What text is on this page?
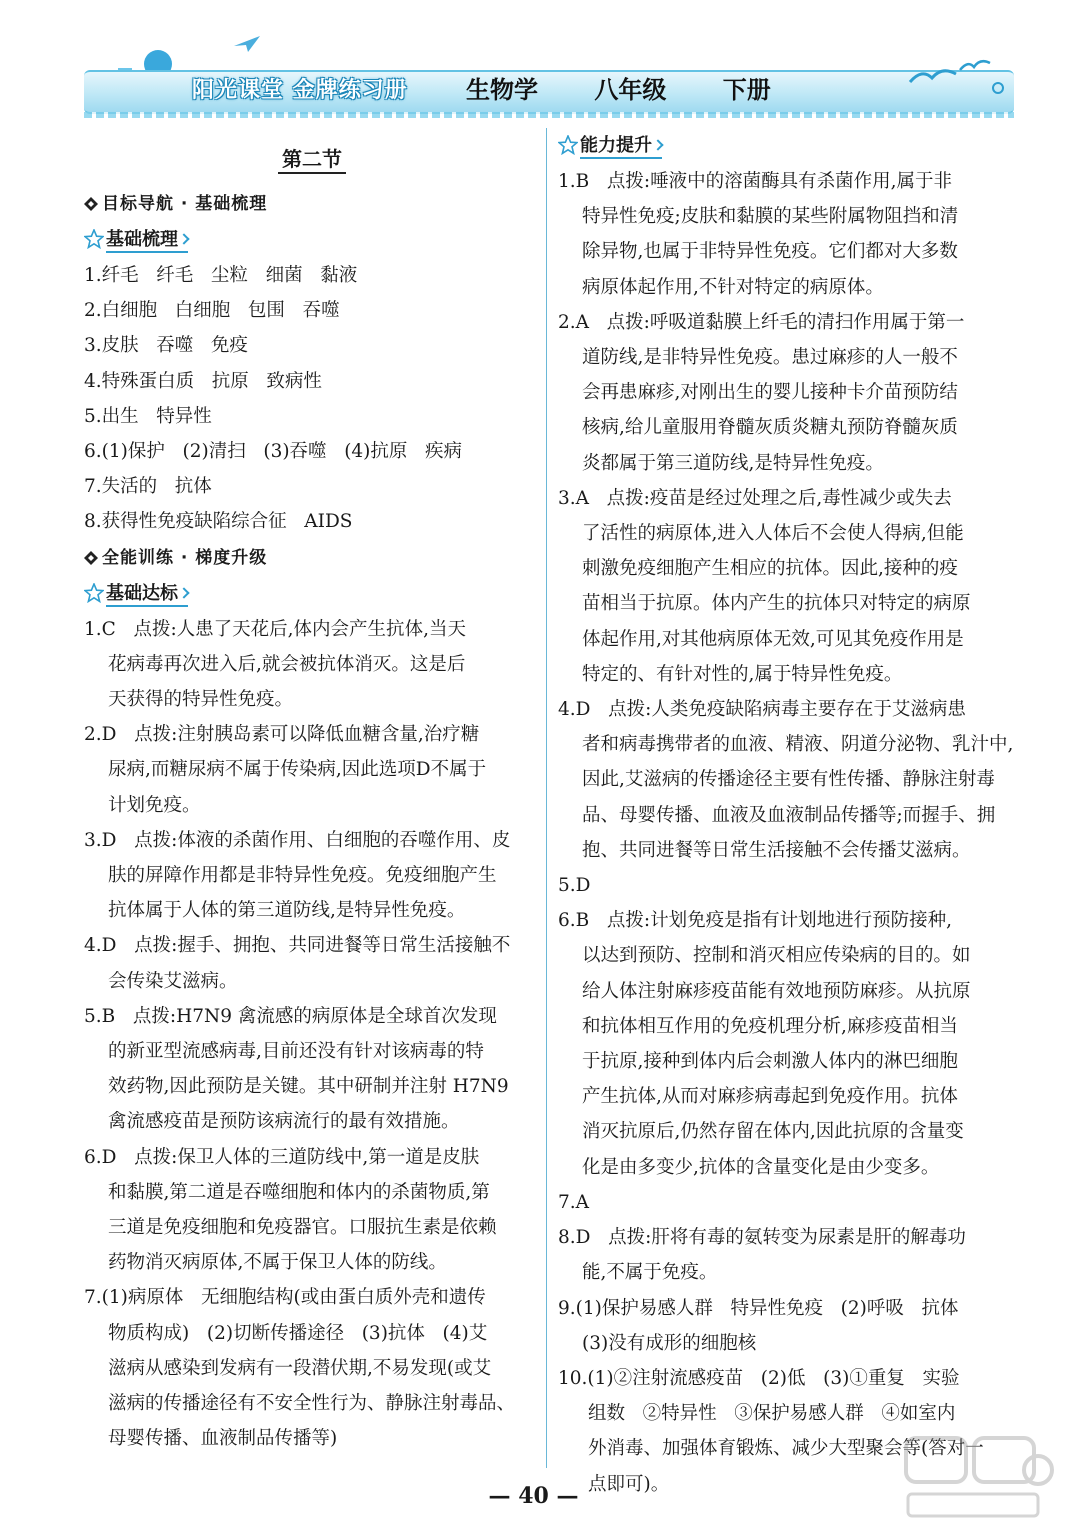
阳光课堂 金牌练习册 生物学 八年级 下册
第二节
目标导航 · 基础梳理
基础梳理
1.纤毛   纤毛   尘粒   细菌   黏液
2.白细胞   白细胞   包围   吞噬
3.皮肤   吞噬   免疫
4.特殊蛋白质   抗原   致病性
5.出生   特异性
6.(1)保护   (2)清扫   (3)吞噬   (4)抗原   疾病
7.失活的   抗体
8.获得性免疫缺陷综合征   AIDS
全能训练 · 梯度升级
基础达标
1.C   点拨:人患了天花后,体内会产生抗体,当天
花病毒再次进入后,就会被抗体消灭。这是后
天获得的特异性免疫。
2.D   点拨:注射胰岛素可以降低血糖含量,治疗糖
尿病,而糖尿病不属于传染病,因此选项D不属于
计划免疫。
3.D   点拨:体液的杀菌作用、白细胞的吞噬作用、皮
肤的屏障作用都是非特异性免疫。免疫细胞产生
抗体属于人体的第三道防线,是特异性免疫。
4.D   点拨:握手、拥抱、共同进餐等日常生活接触不
会传染艾滋病。
5.B   点拨:H7N9 禽流感的病原体是全球首次发现
的新亚型流感病毒,目前还没有针对该病毒的特
效药物,因此预防是关键。其中研制并注射 H7N9
禽流感疫苗是预防该病流行的最有效措施。
6.D   点拨:保卫人体的三道防线中,第一道是皮肤
和黏膜,第二道是吞噬细胞和体内的杀菌物质,第
三道是免疫细胞和免疫器官。口服抗生素是依赖
药物消灭病原体,不属于保卫人体的防线。
7.(1)病原体   无细胞结构(或由蛋白质外壳和遗传
物质构成)   (2)切断传播途径   (3)抗体   (4)艾
滋病从感染到发病有一段潜伏期,不易发现(或艾
滋病的传播途径有不安全性行为、静脉注射毒品、
母婴传播、血液制品传播等)
能力提升
1.B   点拨:唾液中的溶菌酶具有杀菌作用,属于非
特异性免疫;皮肤和黏膜的某些附属物阻挡和清
除异物,也属于非特异性免疫。它们都对大多数
病原体起作用,不针对特定的病原体。
2.A   点拨:呼吸道黏膜上纤毛的清扫作用属于第一
道防线,是非特异性免疫。患过麻疹的人一般不
会再患麻疹,对刚出生的婴儿接种卡介苗预防结
核病,给儿童服用脊髓灰质炎糖丸预防脊髓灰质
炎都属于第三道防线,是特异性免疫。
3.A   点拨:疫苗是经过处理之后,毒性减少或失去
了活性的病原体,进入人体后不会使人得病,但能
刺激免疫细胞产生相应的抗体。因此,接种的疫
苗相当于抗原。体内产生的抗体只对特定的病原
体起作用,对其他病原体无效,可见其免疫作用是
特定的、有针对性的,属于特异性免疫。
4.D   点拨:人类免疫缺陷病毒主要存在于艾滋病患
者和病毒携带者的血液、精液、阴道分泌物、乳汁中,
因此,艾滋病的传播途径主要有性传播、静脉注射毒
品、母婴传播、血液及血液制品传播等;而握手、拥
抱、共同进餐等日常生活接触不会传播艾滋病。
5.D
6.B   点拨:计划免疫是指有计划地进行预防接种,
以达到预防、控制和消灭相应传染病的目的。如
给人体注射麻疹疫苗能有效地预防麻疹。从抗原
和抗体相互作用的免疫机理分析,麻疹疫苗相当
于抗原,接种到体内后会刺激人体内的淋巴细胞
产生抗体,从而对麻疹病毒起到免疫作用。抗体
消灭抗原后,仍然存留在体内,因此抗原的含量变
化是由多变少,抗体的含量变化是由少变多。
7.A
8.D   点拨:肝将有毒的氨转变为尿素是肝的解毒功
能,不属于免疫。
9.(1)保护易感人群   特异性免疫   (2)呼吸   抗体
(3)没有成形的细胞核
10.(1)②注射流感疫苗   (2)低   (3)①重复   实验
组数   ②特异性   ③保护易感人群   ④如室内
外消毒、加强体育锻炼、减少大型聚会等(答对一
点即可)。
— 40 —
